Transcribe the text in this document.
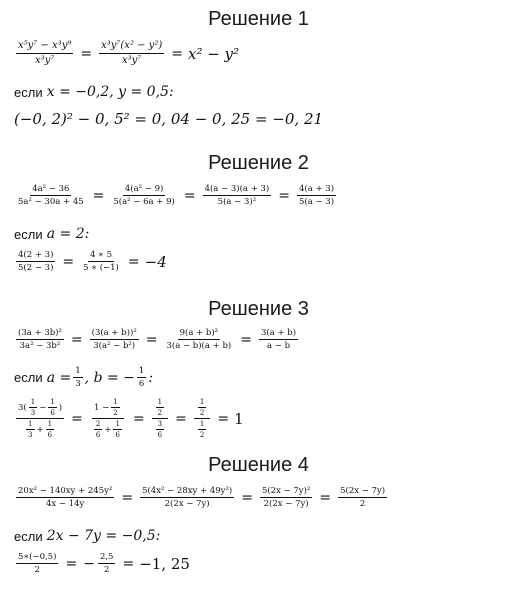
Решение 1
$\frac{\text{x⁵y⁷ − x³y⁹}}{\text{x³y⁷}} = \frac{\text{x³y⁷(x² − y²)}}{\text{x³y⁷}} = x^2 - y^2$
если
x = −0,2, y = 0,5:
(−0, 2)² − 0, 5² = 0, 04 − 0, 25 = −0, 21
Решение 2
$\frac{\text{4a² − 36}}{\text{5a² − 30a + 45}} = \frac{\text{4(a² − 9)}}{\text{5(a² − 6a + 9)}} = \frac{4(a - 3)(a + 3)}{\text{5(a − 3)²}} = \frac{4(a + 3)}{5(a - 3)}$
если
a = 2:
$\frac{4(2 + 3)}{5(2 - 3)} = \frac{4 ∗ 5}{5 ∗ (-1)} = -4$
Решение 3
$\frac{\text{(3a + 3b)²}}{\text{3a² − 3b²}} = \frac{\text{(3(a + b))²}}{\text{3(a² − b²)}} = \frac{\text{9(a + b)²}}{3(a - b)(a + b)} = \frac{3(a + b)}{a - b}$
если
$a = \frac{1}{3}$ , b = − $\frac{1}{6}$ :
$\frac{3( \frac{1}{3} - \frac{1}{6} )}{\frac{1}{3} + \frac{1}{6}} = \frac{1 - \frac{1}{2}}{\frac{2}{6} + \frac{1}{6}} = \frac{\frac{1}{2}}{\frac{3}{6}} = \frac{\frac{1}{2}}{\frac{1}{2}} = 1$
Решение 4
$\frac{\text{20x² − 140xy + 245y²}}{4x - 14y} = \frac{\text{5(4x² − 28xy + 49y²)}}{2(2x - 7y)} = \frac{\text{5(2x − 7y)²}}{2(2x - 7y)} = \frac{5(2x - 7y)}{2}$
если
2x − 7y = −0,5:
$\frac{5∗(-0,5)}{2}$ = − $\frac{2,5}{2} = -1$, 25
